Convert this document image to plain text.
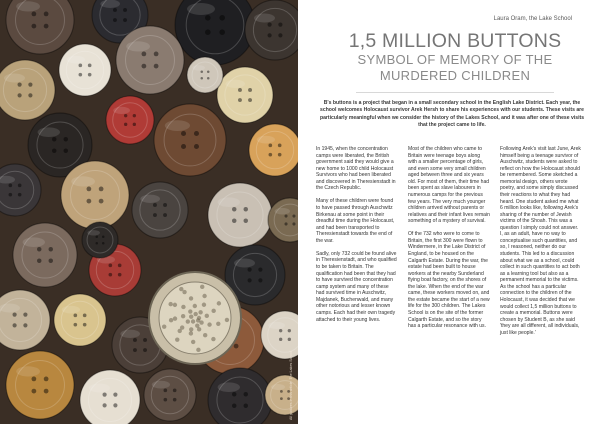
All pictures in this article: The Lakes School
Laura Oram, the Lake School
1,5 MILLION BUTTONS
SYMBOL OF MEMORY OF THE
MURDERED CHILDREN

B's buttons is a project that began in a small secondary school in the English Lake District. Each year, the school welcomes Holocaust survivor Arek Hersh to share his experiences with our students. These visits are particularly meaningful when we consider the history of the Lakes School, and it was after one of these visits that the project came to life.

In 1945, when the concentration camps were liberated, the British government said they would give a new home to 1000 child Holocaust Survivors who had been liberated and discovered in Theresienstadt in the Czech Republic.

Many of these children were found to have passed through Auschwitz Birkenau at some point in their dreadful time during the Holocaust, and had been transported to Theresienstadt towards the end of the war.

Sadly, only 732 could be found alive in Theresienstadt, and who qualified to be taken to Britain. The qualification had been that they had to have survived the concentration camp system and many of these had survived time in Auschwitz, Majdanek, Buchenwald, and many other notorious and lesser known camps. Each had their own tragedy attached to their young lives.

Most of the children who came to Britain were teenage boys along with a smaller percentage of girls, and even some very small children aged between three and six years old. For most of them, their time had been spent as slave labourers in numerous camps for the previous few years. The very much younger children arrived without parents or relatives and their infant lives remain something of a mystery of survival.

Of the 732 who were to come to Britain, the first 300 were flown to Windermere, in the Lake District of England, to be housed on the Calgarth Estate. During the war, the estate had been built to house workers at the nearby Sunderland flying boat factory, on the shores of the lake. When the end of the war came, these workers moved on, and the estate became the start of a new life for the 300 children. The Lakes School is on the site of the former Calgarth Estate, and so the story has a particular resonance with us.

Following Arek's visit last June, Arek himself being a teenage survivor of Auschwitz, students were asked to reflect on how the Holocaust should be remembered. Some sketched a memorial design, others wrote poetry, and some simply discussed their reactions to what they had heard. One student asked me what 6 million looks like, following Arek's sharing of the number of Jewish victims of the Shoah. This was a question I simply could not answer. I, as an adult, have no way to conceptualise such quantities, and so, I reasoned, neither do our students. This led to a discussion about what we as a school, could collect in such quantities to act both as a learning tool but also as a permanent memorial to the victims. As the school has a particular connection to the children of the Holocaust, it was decided that we would collect 1,5 million buttons to create a memorial. Buttons were chosen by Student B, as she said 'they are all different, all individuals, just like people.'
